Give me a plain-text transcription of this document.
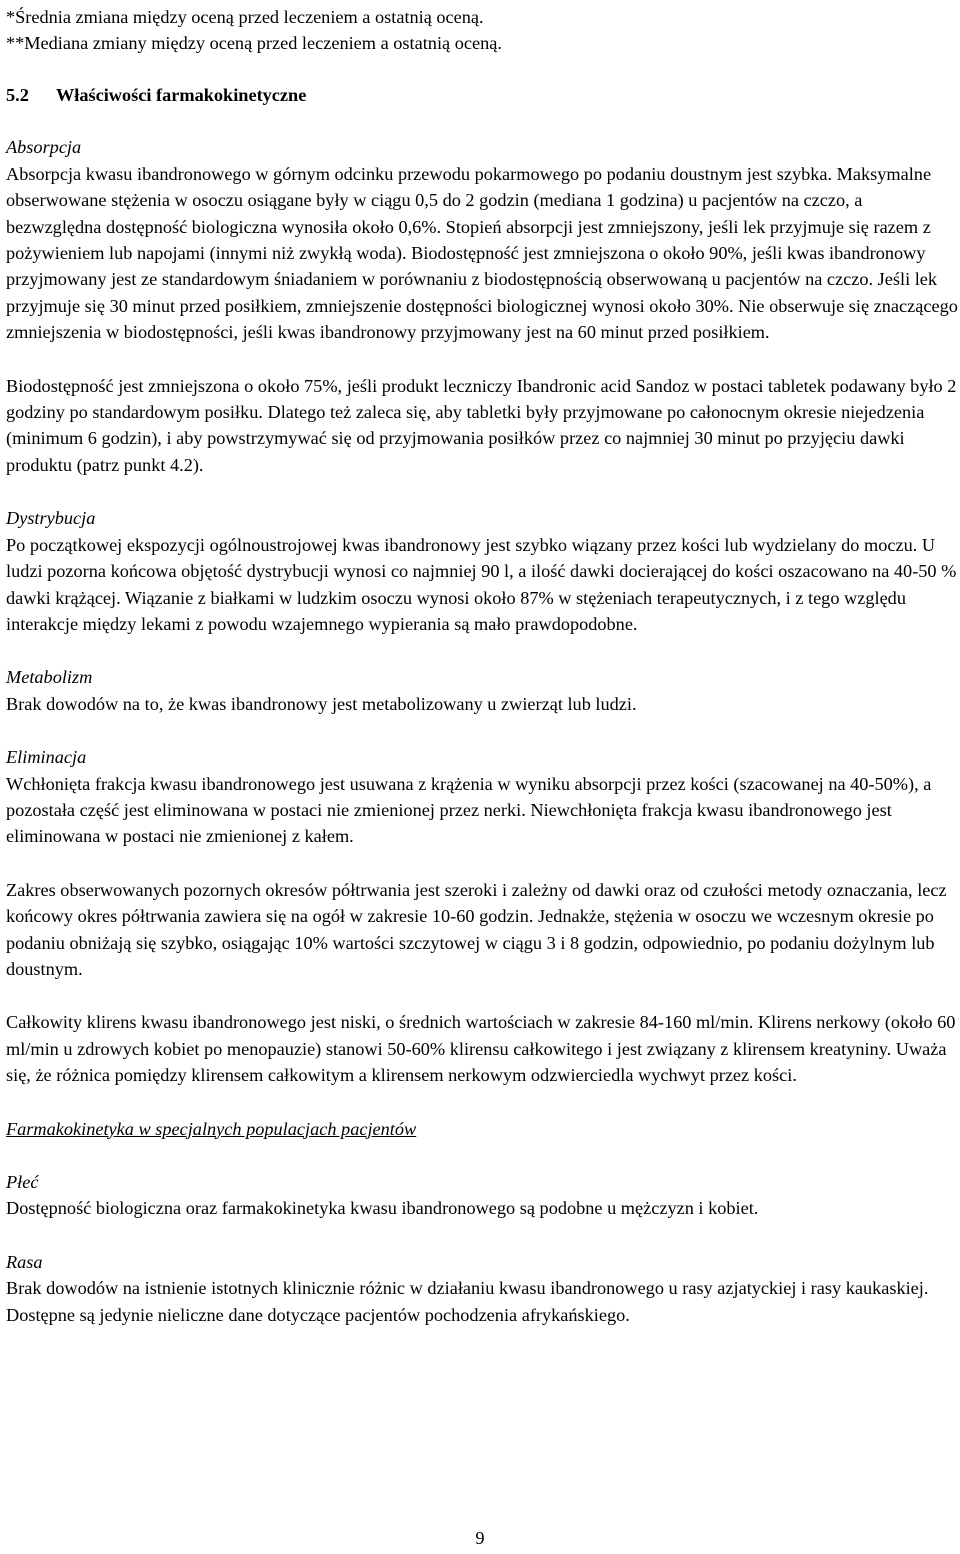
*Średnia zmiana między oceną przed leczeniem a ostatnią oceną.

**Mediana zmiany między oceną przed leczeniem a ostatnią oceną.

5.2 Właściwości farmakokinetyczne

Absorpcja

Absorpcja kwasu ibandronowego w górnym odcinku przewodu pokarmowego po podaniu doustnym jest szybka. Maksymalne obserwowane stężenia w osoczu osiągane były w ciągu 0,5 do 2 godzin (mediana 1 godzina) u pacjentów na czczo, a bezwzględna dostępność biologiczna wynosiła około 0,6%. Stopień absorpcji jest zmniejszony, jeśli lek przyjmuje się razem z pożywieniem lub napojami (innymi niż zwykłą woda). Biodostępność jest zmniejszona o około 90%, jeśli kwas ibandronowy przyjmowany jest ze standardowym śniadaniem w porównaniu z biodostępnością obserwowaną u pacjentów na czczo. Jeśli lek przyjmuje się 30 minut przed posiłkiem, zmniejszenie dostępności biologicznej wynosi około 30%. Nie obserwuje się znaczącego zmniejszenia w biodostępności, jeśli kwas ibandronowy przyjmowany jest na 60 minut przed posiłkiem.

Biodostępność jest zmniejszona o około 75%, jeśli produkt leczniczy Ibandronic acid Sandoz w postaci tabletek podawany było 2 godziny po standardowym posiłku. Dlatego też zaleca się, aby tabletki były przyjmowane po całonocnym okresie niejedzenia (minimum 6 godzin), i aby powstrzymywać się od przyjmowania posiłków przez co najmniej 30 minut po przyjęciu dawki produktu (patrz punkt 4.2).

Dystrybucja

Po początkowej ekspozycji ogólnoustrojowej kwas ibandronowy jest szybko wiązany przez kości lub wydzielany do moczu. U ludzi pozorna końcowa objętość dystrybucji wynosi co najmniej 90 l, a ilość dawki docierającej do kości oszacowano na 40-50 % dawki krążącej. Wiązanie z białkami w ludzkim osoczu wynosi około 87% w stężeniach terapeutycznych, i z tego względu interakcje między lekami z powodu wzajemnego wypierania są mało prawdopodobne.

Metabolizm

Brak dowodów na to, że kwas ibandronowy jest metabolizowany u zwierząt lub ludzi.

Eliminacja

Wchłonięta frakcja kwasu ibandronowego jest usuwana z krążenia w wyniku absorpcji przez kości (szacowanej na 40-50%), a pozostała część jest eliminowana w postaci nie zmienionej przez nerki. Niewchłonięta frakcja kwasu ibandronowego jest eliminowana w postaci nie zmienionej z kałem.

Zakres obserwowanych pozornych okresów półtrwania jest szeroki i zależny od dawki oraz od czułości metody oznaczania, lecz końcowy okres półtrwania zawiera się na ogół w zakresie 10-60 godzin. Jednakże, stężenia w osoczu we wczesnym okresie po podaniu obniżają się szybko, osiągając 10% wartości szczytowej w ciągu 3 i 8 godzin, odpowiednio, po podaniu dożylnym lub doustnym.

Całkowity klirens kwasu ibandronowego jest niski, o średnich wartościach w zakresie 84-160 ml/min. Klirens nerkowy (około 60 ml/min u zdrowych kobiet po menopauzie) stanowi 50-60% klirensu całkowitego i jest związany z klirensem kreatyniny. Uważa się, że różnica pomiędzy klirensem całkowitym a klirensem nerkowym odzwierciedla wychwyt przez kości.

Farmakokinetyka w specjalnych populacjach pacjentów

Płeć

Dostępność biologiczna oraz farmakokinetyka kwasu ibandronowego są podobne u mężczyzn i kobiet.

Rasa

Brak dowodów na istnienie istotnych klinicznie różnic w działaniu kwasu ibandronowego u rasy azjatyckiej i rasy kaukaskiej. Dostępne są jedynie nieliczne dane dotyczące pacjentów pochodzenia afrykańskiego.

9
